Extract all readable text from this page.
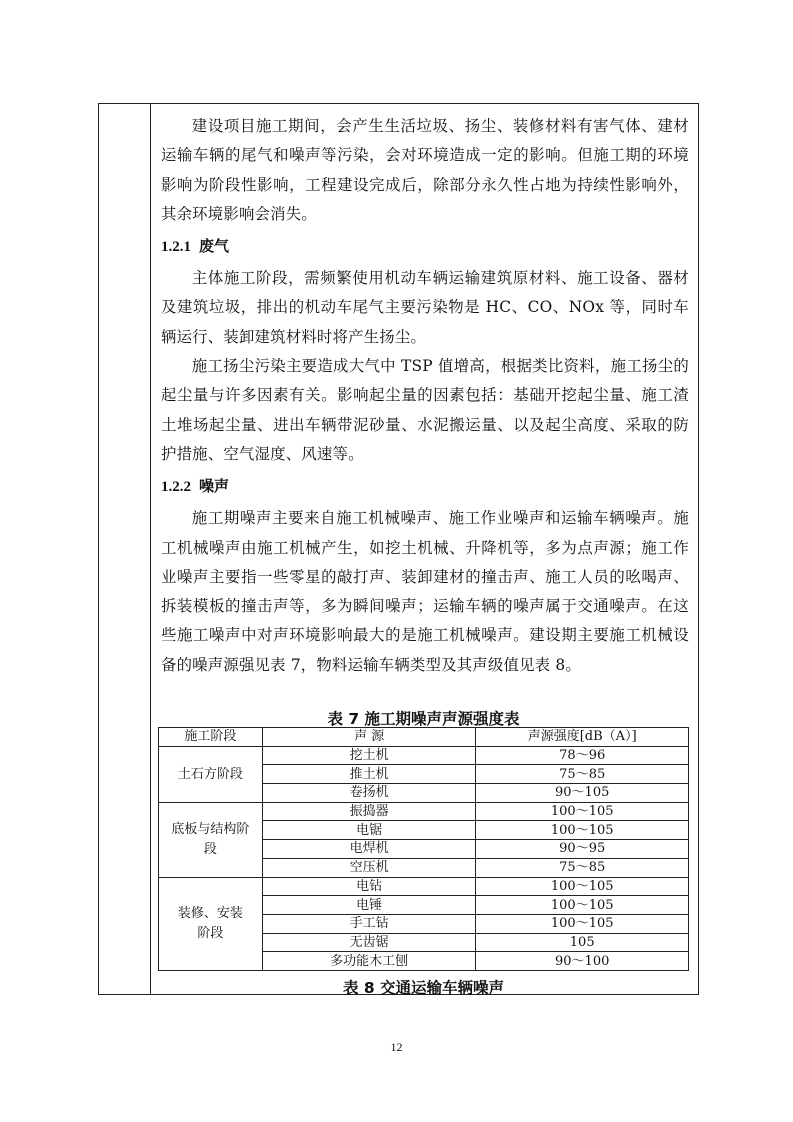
建设项目施工期间，会产生生活垃圾、扬尘、装修材料有害气体、建材运输车辆的尾气和噪声等污染，会对环境造成一定的影响。但施工期的环境影响为阶段性影响，工程建设完成后，除部分永久性占地为持续性影响外，其余环境影响会消失。

1.2.1 废气

主体施工阶段，需频繁使用机动车辆运输建筑原材料、施工设备、器材及建筑垃圾，排出的机动车尾气主要污染物是 HC、CO、NOx 等，同时车辆运行、装卸建筑材料时将产生扬尘。

施工扬尘污染主要造成大气中 TSP 值增高，根据类比资料，施工扬尘的起尘量与许多因素有关。影响起尘量的因素包括：基础开挖起尘量、施工渣土堆场起尘量、进出车辆带泥砂量、水泥搬运量、以及起尘高度、采取的防护措施、空气湿度、风速等。

1.2.2 噪声

施工期噪声主要来自施工机械噪声、施工作业噪声和运输车辆噪声。施工机械噪声由施工机械产生，如挖土机械、升降机等，多为点声源；施工作业噪声主要指一些零星的敲打声、装卸建材的撞击声、施工人员的吆喝声、拆装模板的撞击声等，多为瞬间噪声；运输车辆的噪声属于交通噪声。在这些施工噪声中对声环境影响最大的是施工机械噪声。建设期主要施工机械设备的噪声源强见表 7，物料运输车辆类型及其声级值见表 8。

表 7 施工期噪声声源强度表
施工阶段	声 源	声源强度[dB（A）]
土石方阶段	挖土机	78～96
	推土机	75～85
	卷扬机	90～105
底板与结构阶段	振捣器	100～105
	电锯	100～105
	电焊机	90～95
	空压机	75～85
装修、安装阶段	电钻	100～105
	电锤	100～105
	手工钻	100～105
	无齿锯	105
	多功能木工刨	90～100
表 8 交通运输车辆噪声
12
